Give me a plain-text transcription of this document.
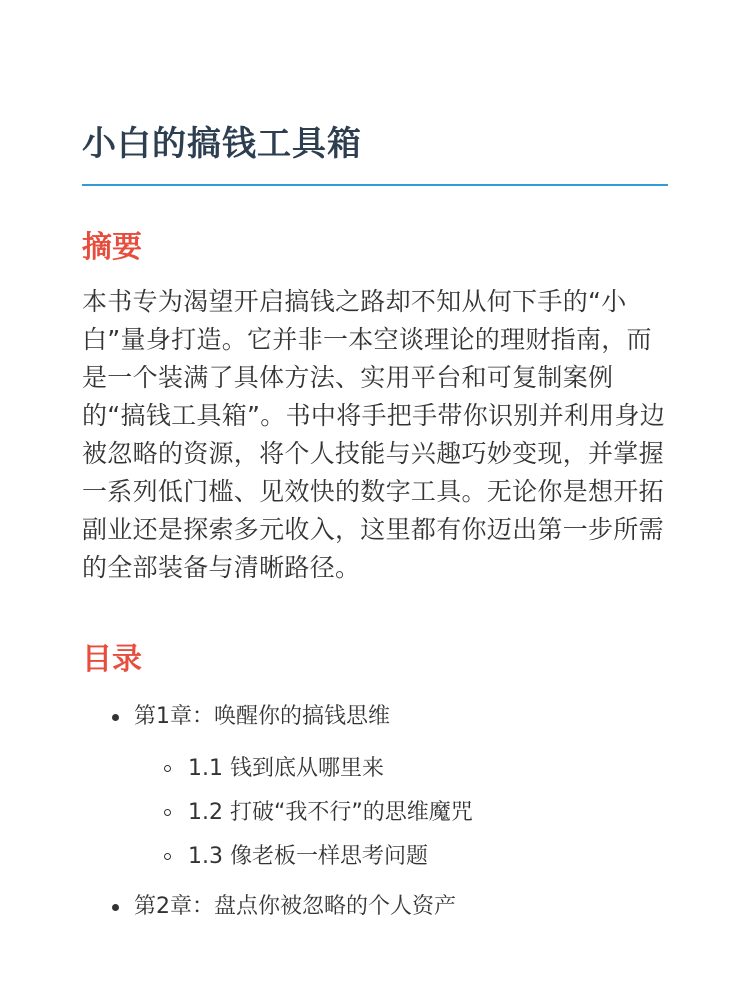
小白的搞钱工具箱
摘要

本书专为渴望开启搞钱之路却不知从何下手的“小白”量身打造。它并非一本空谈理论的理财指南，而是一个装满了具体方法、实用平台和可复制案例的“搞钱工具箱”。书中将手把手带你识别并利用身边被忽略的资源，将个人技能与兴趣巧妙变现，并掌握一系列低门槛、见效快的数字工具。无论你是想开拓副业还是探索多元收入，这里都有你迈出第一步所需的全部装备与清晰路径。

目录
第1章：唤醒你的搞钱思维
1.1 钱到底从哪里来
1.2 打破“我不行”的思维魔咒
1.3 像老板一样思考问题
第2章：盘点你被忽略的个人资产
